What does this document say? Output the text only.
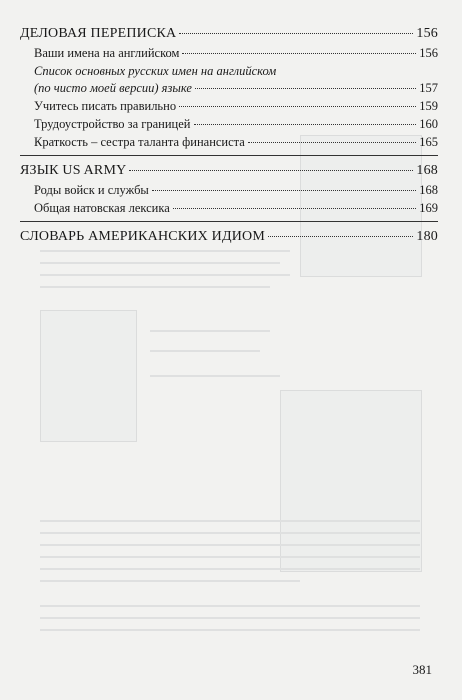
ДЕЛОВАЯ ПЕРЕПИСКА	156
Ваши имена на английском	156
Список основных русских имен на английском
(по чисто моей версии) языке	157
Учитесь писать правильно	159
Трудоустройство за границей	160
Краткость – сестра таланта финансиста	165
ЯЗЫК US ARMY	168
Роды войск и службы	168
Общая натовская лексика	169
СЛОВАРЬ АМЕРИКАНСКИХ ИДИОМ	180
381
